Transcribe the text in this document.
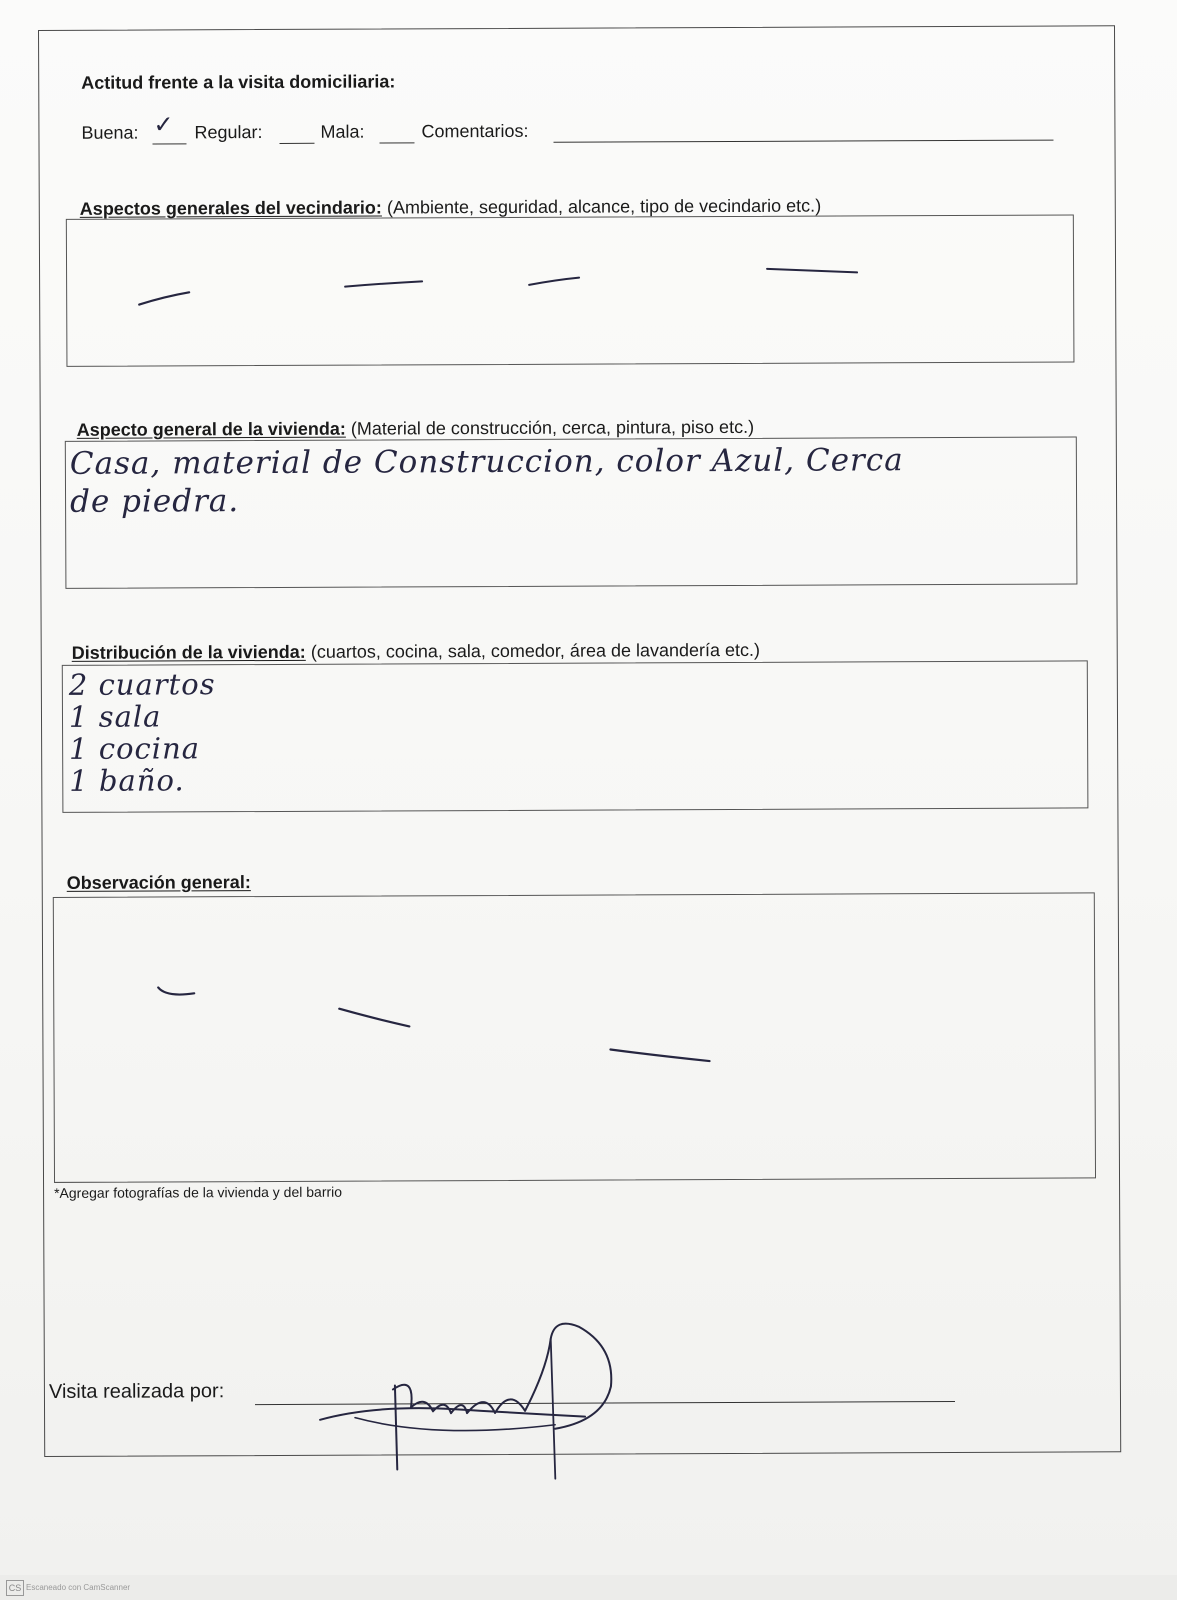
Actitud frente a la visita domiciliaria:
Buena: ✓ Regular:	Mala:	Comentarios:
Aspectos generales del vecindario: (Ambiente, seguridad, alcance, tipo de vecindario etc.)
Aspecto general de la vivienda: (Material de construcción, cerca, pintura, piso etc.)
Casa, material de Construccion, color Azul, Cerca
de piedra.
Distribución de la vivienda: (cuartos, cocina, sala, comedor, área de lavandería etc.)
2 cuartos
1 sala
1 cocina
1 baño.
Observación general:
*Agregar fotografías de la vivienda y del barrio
Visita realizada por:
CS Escaneado con CamScanner
